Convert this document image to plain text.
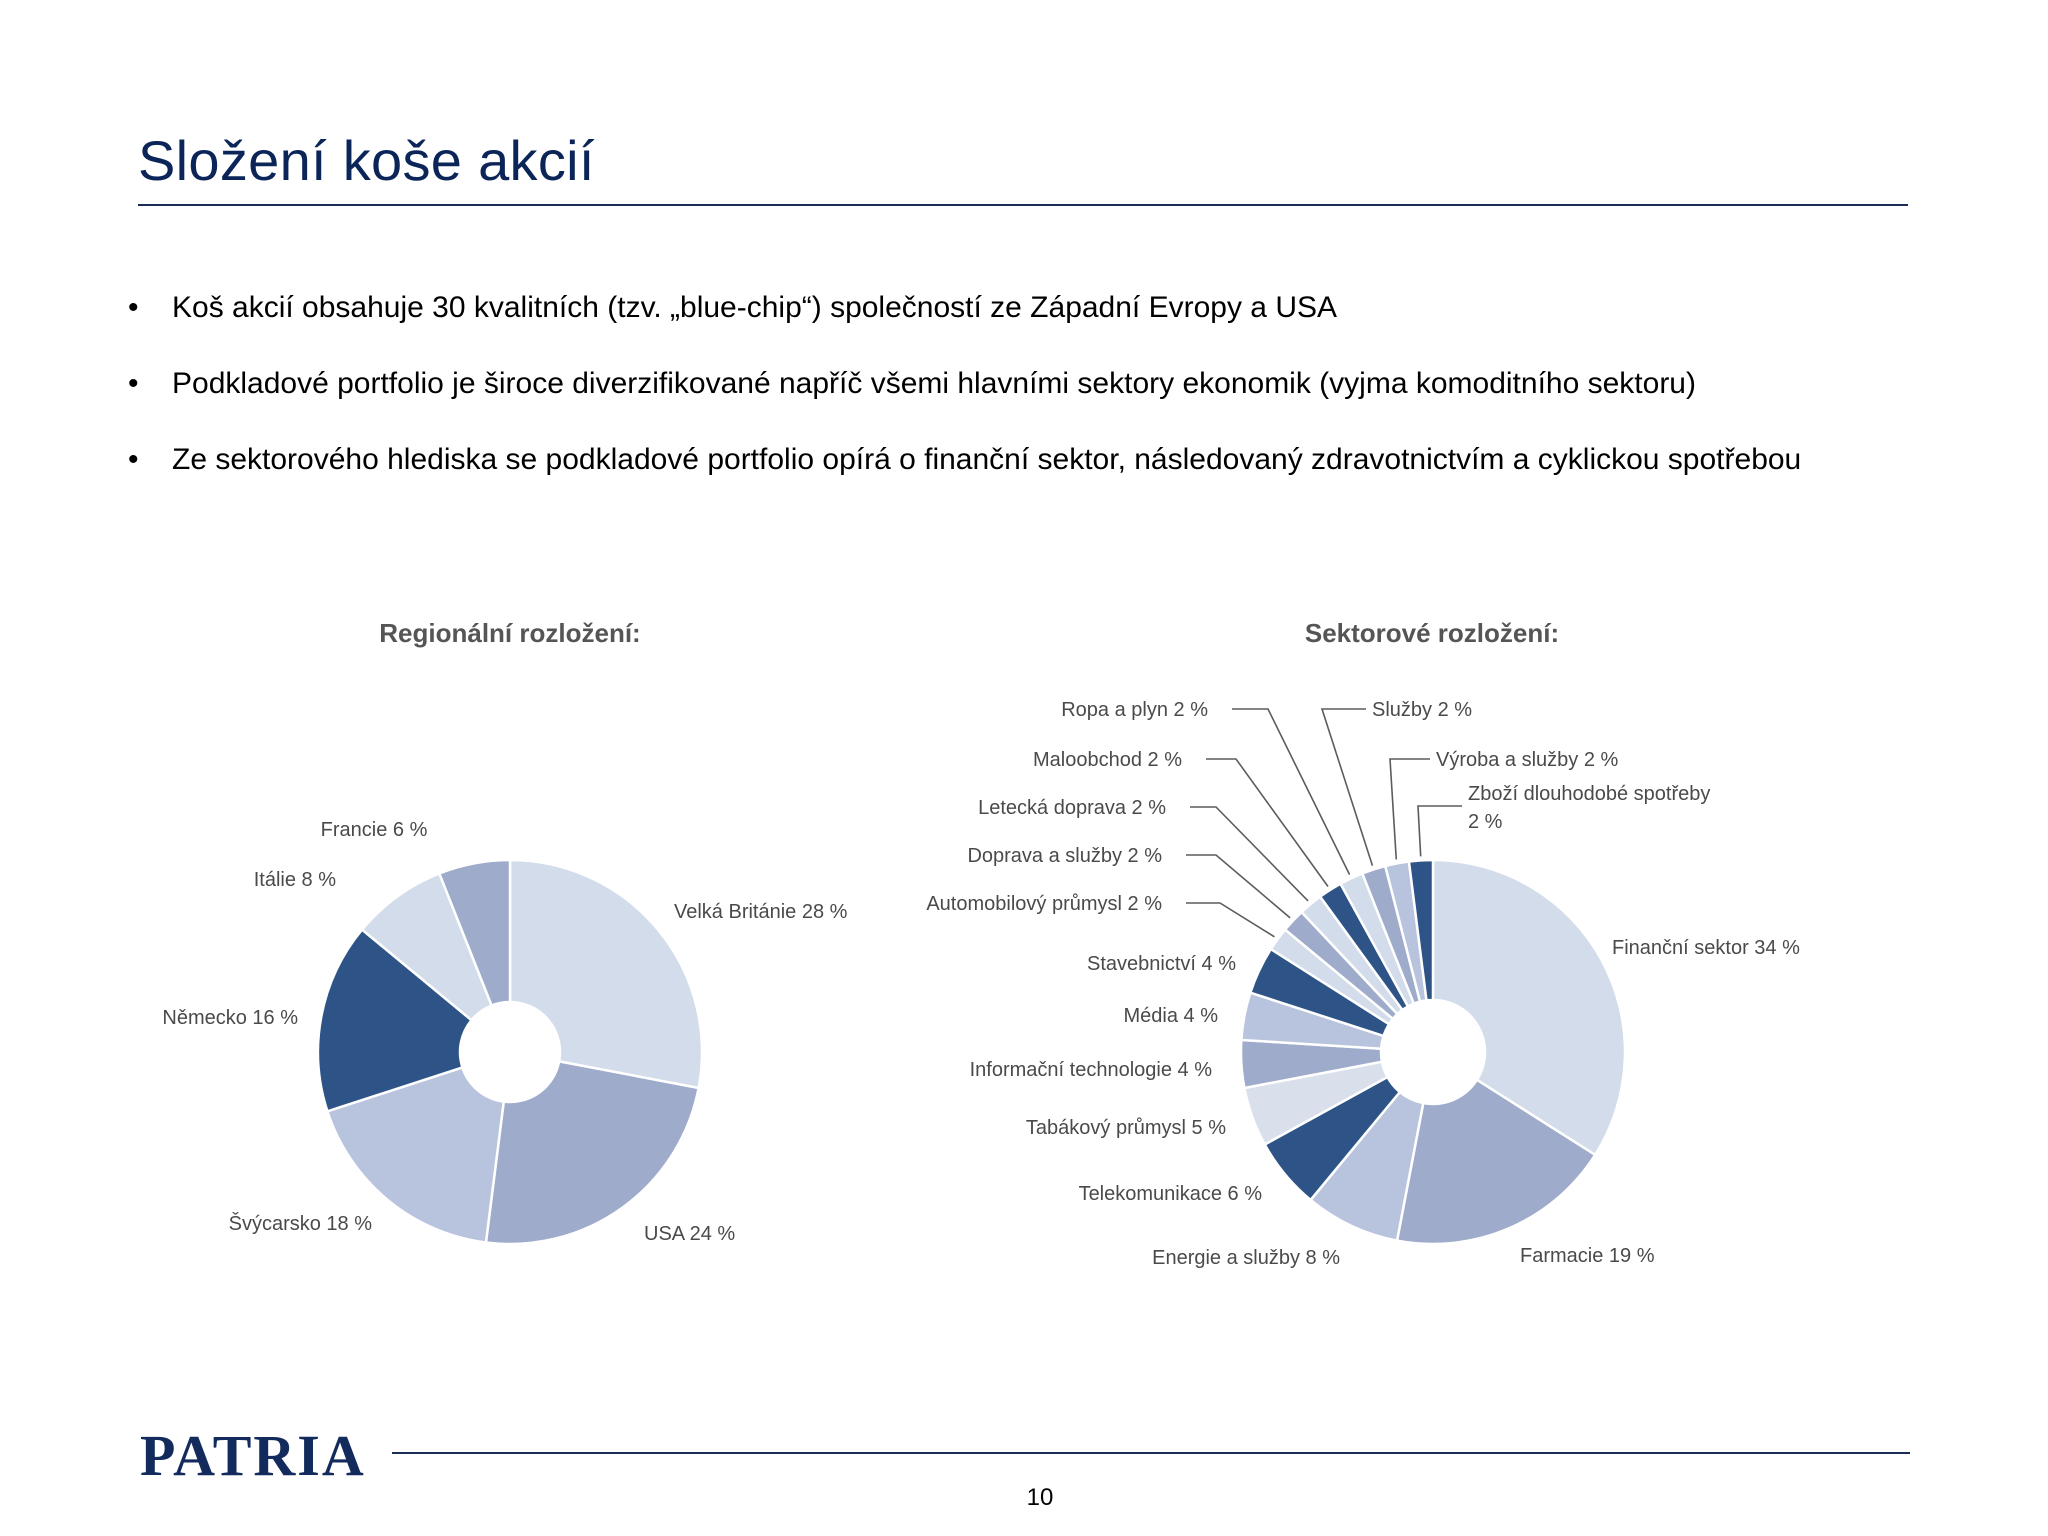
Složení koše akcií
•	Koš akcií obsahuje 30 kvalitních (tzv. „blue-chip“) společností ze Západní Evropy a USA
•	Podkladové portfolio je široce diverzifikované napříč všemi hlavními sektory ekonomik (vyjma komoditního sektoru)
•	Ze sektorového hlediska se podkladové portfolio opírá o finanční sektor, následovaný zdravotnictvím a cyklickou spotřebou
Regionální rozložení:
Velká Británie 28 %
USA 24 %
Švýcarsko 18 %
Německo 16 %
Itálie 8 %
Francie 6 %
Sektorové rozložení:
Finanční sektor 34 %
Farmacie 19 %
Energie a služby 8 %
Telekomunikace 6 %
Tabákový průmysl 5 %
Informační technologie 4 %
Média 4 %
Stavebnictví 4 %
Automobilový průmysl 2 %
Doprava a služby 2 %
Letecká doprava 2 %
Maloobchod 2 %
Ropa a plyn 2 %	Služby 2 %
Výroba a služby 2 %
Zboží dlouhodobé spotřeby
2 %
PATRIA
10
